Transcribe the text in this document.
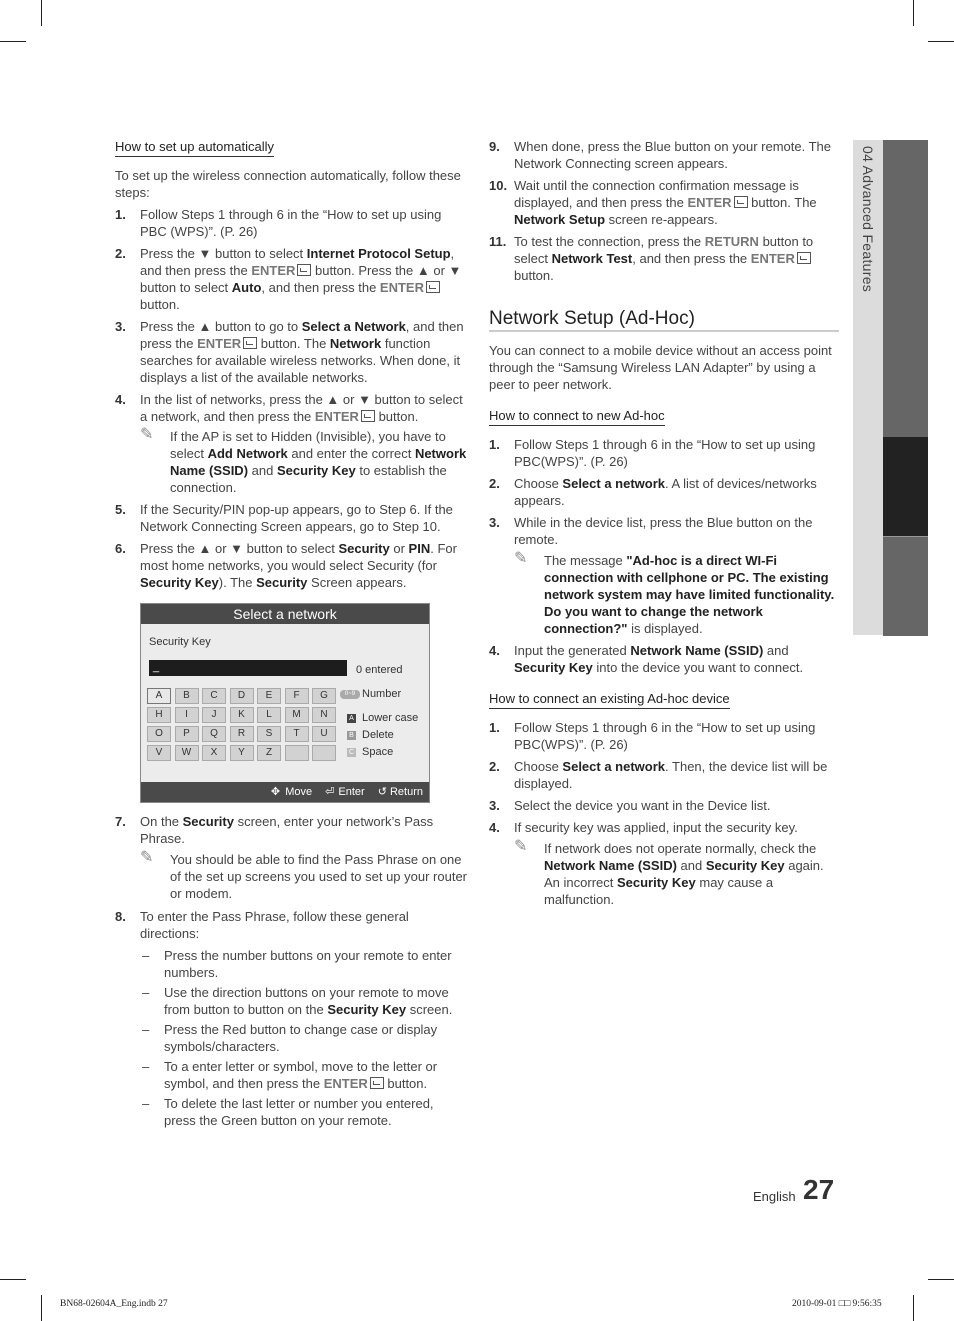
04 Advanced Features
How to set up automatically

To set up the wireless connection automatically, follow these steps:

1. Follow Steps 1 through 6 in the “How to set up using PBC (WPS)”. (P. 26)
2. Press the ▼ button to select Internet Protocol Setup, and then press the ENTER button. Press the ▲ or ▼ button to select Auto, and then press the ENTER button.
3. Press the ▲ button to go to Select a Network, and then press the ENTER button. The Network function searches for available wireless networks. When done, it displays a list of the available networks.
4. In the list of networks, press the ▲ or ▼ button to select a network, and then press the ENTER button.
✎ If the AP is set to Hidden (Invisible), you have to select Add Network and enter the correct Network Name (SSID) and Security Key to establish the connection.
5. If the Security/PIN pop-up appears, go to Step 6. If the Network Connecting Screen appears, go to Step 10.
6. Press the ▲ or ▼ button to select Security or PIN. For most home networks, you would select Security (for Security Key). The Security Screen appears.
Select a network
Security Key
_	0 entered
A	B	C	D	E	F	G
H	I	J	K	L	M	N
O	P	Q	R	S	T	U
V	W	X	Y	Z
0~9 Number
A Lower case
B Delete
C Space
✥ Move ⏎ Enter ↺ Return
7. On the Security screen, enter your network’s Pass Phrase.
✎ You should be able to find the Pass Phrase on one of the set up screens you used to set up your router or modem.
8. To enter the Pass Phrase, follow these general directions:
– Press the number buttons on your remote to enter numbers.
– Use the direction buttons on your remote to move from button to button on the Security Key screen.
– Press the Red button to change case or display symbols/characters.
– To a enter letter or symbol, move to the letter or symbol, and then press the ENTER button.
– To delete the last letter or number you entered, press the Green button on your remote.
9. When done, press the Blue button on your remote. The Network Connecting screen appears.
10. Wait until the connection confirmation message is displayed, and then press the ENTER button. The Network Setup screen re-appears.
11. To test the connection, press the RETURN button to select Network Test, and then press the ENTER button.
Network Setup (Ad-Hoc)

You can connect to a mobile device without an access point through the “Samsung Wireless LAN Adapter” by using a peer to peer network.

How to connect to new Ad-hoc
1. Follow Steps 1 through 6 in the “How to set up using PBC(WPS)”. (P. 26)
2. Choose Select a network. A list of devices/networks appears.
3. While in the device list, press the Blue button on the remote.
✎ The message "Ad-hoc is a direct WI-Fi connection with cellphone or PC. The existing network system may have limited functionality. Do you want to change the network connection?" is displayed.
4. Input the generated Network Name (SSID) and Security Key into the device you want to connect.
How to connect an existing Ad-hoc device
1. Follow Steps 1 through 6 in the “How to set up using PBC(WPS)”. (P. 26)
2. Choose Select a network. Then, the device list will be displayed.
3. Select the device you want in the Device list.
4. If security key was applied, input the security key.
✎ If network does not operate normally, check the Network Name (SSID) and Security Key again. An incorrect Security Key may cause a malfunction.
English 27
BN68-02604A_Eng.indb 27	2010-09-01 □□ 9:56:35
